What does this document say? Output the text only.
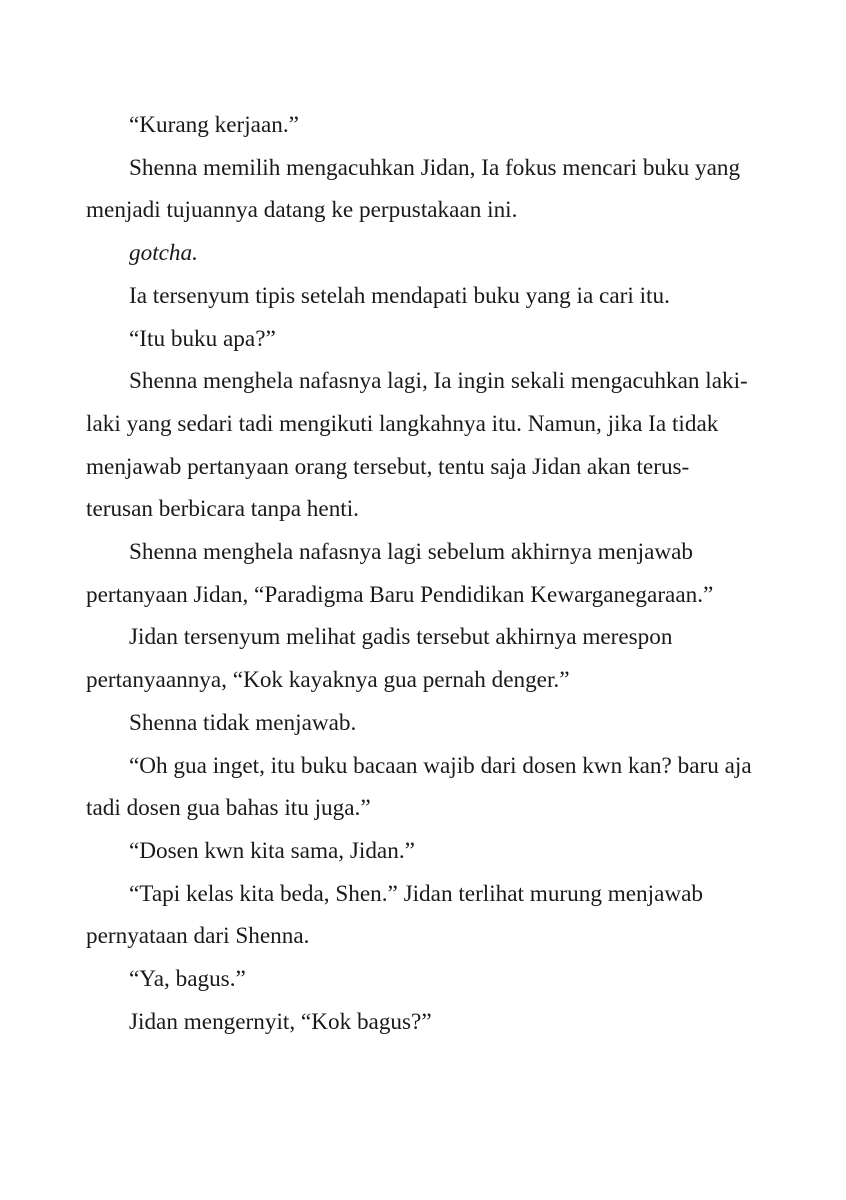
“Kurang kerjaan.”

Shenna memilih mengacuhkan Jidan, Ia fokus mencari buku yang menjadi tujuannya datang ke perpustakaan ini.

gotcha.

Ia tersenyum tipis setelah mendapati buku yang ia cari itu.

“Itu buku apa?”

Shenna menghela nafasnya lagi, Ia ingin sekali mengacuhkan laki-laki yang sedari tadi mengikuti langkahnya itu. Namun, jika Ia tidak menjawab pertanyaan orang tersebut, tentu saja Jidan akan terus-terusan berbicara tanpa henti.

Shenna menghela nafasnya lagi sebelum akhirnya menjawab pertanyaan Jidan, “Paradigma Baru Pendidikan Kewarganegaraan.”

Jidan tersenyum melihat gadis tersebut akhirnya merespon pertanyaannya, “Kok kayaknya gua pernah denger.”

Shenna tidak menjawab.

“Oh gua inget, itu buku bacaan wajib dari dosen kwn kan? baru aja tadi dosen gua bahas itu juga.”

“Dosen kwn kita sama, Jidan.”

“Tapi kelas kita beda, Shen.” Jidan terlihat murung menjawab pernyataan dari Shenna.

“Ya, bagus.”

Jidan mengernyit, “Kok bagus?”
